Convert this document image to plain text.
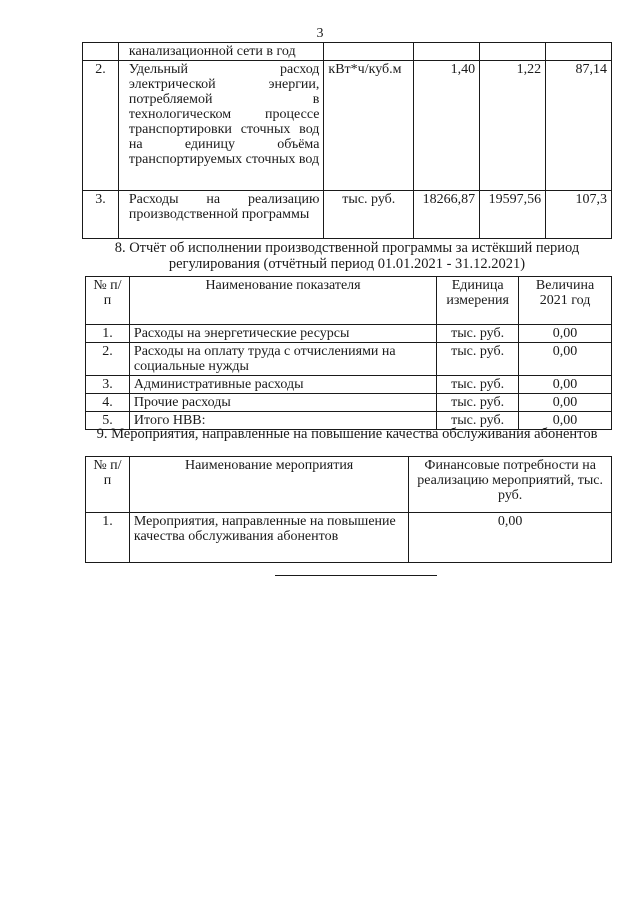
3
	канализационной сети в год				
2.	Удельный расход электрической энергии, потребляемой в технологическом процессе транспортировки сточных вод на единицу объёма транспортируемых сточных вод	кВт*ч/куб.м	1,40	1,22	87,14
3.	Расходы на реализацию производственной программы	тыс. руб.	18266,87	19597,56	107,3
8. Отчёт об исполнении производственной программы за истёкший период регулирования (отчётный период 01.01.2021 - 31.12.2021)
№ п/п	Наименование показателя	Единица измерения	Величина 2021 год
1.	Расходы на энергетические ресурсы	тыс. руб.	0,00
2.	Расходы на оплату труда с отчислениями на социальные нужды	тыс. руб.	0,00
3.	Административные расходы	тыс. руб.	0,00
4.	Прочие расходы	тыс. руб.	0,00
5.	Итого НВВ:	тыс. руб.	0,00
9. Мероприятия, направленные на повышение качества обслуживания абонентов
№ п/п	Наименование мероприятия	Финансовые потребности на реализацию мероприятий, тыс. руб.
1.	Мероприятия, направленные на повышение качества обслуживания абонентов	0,00
